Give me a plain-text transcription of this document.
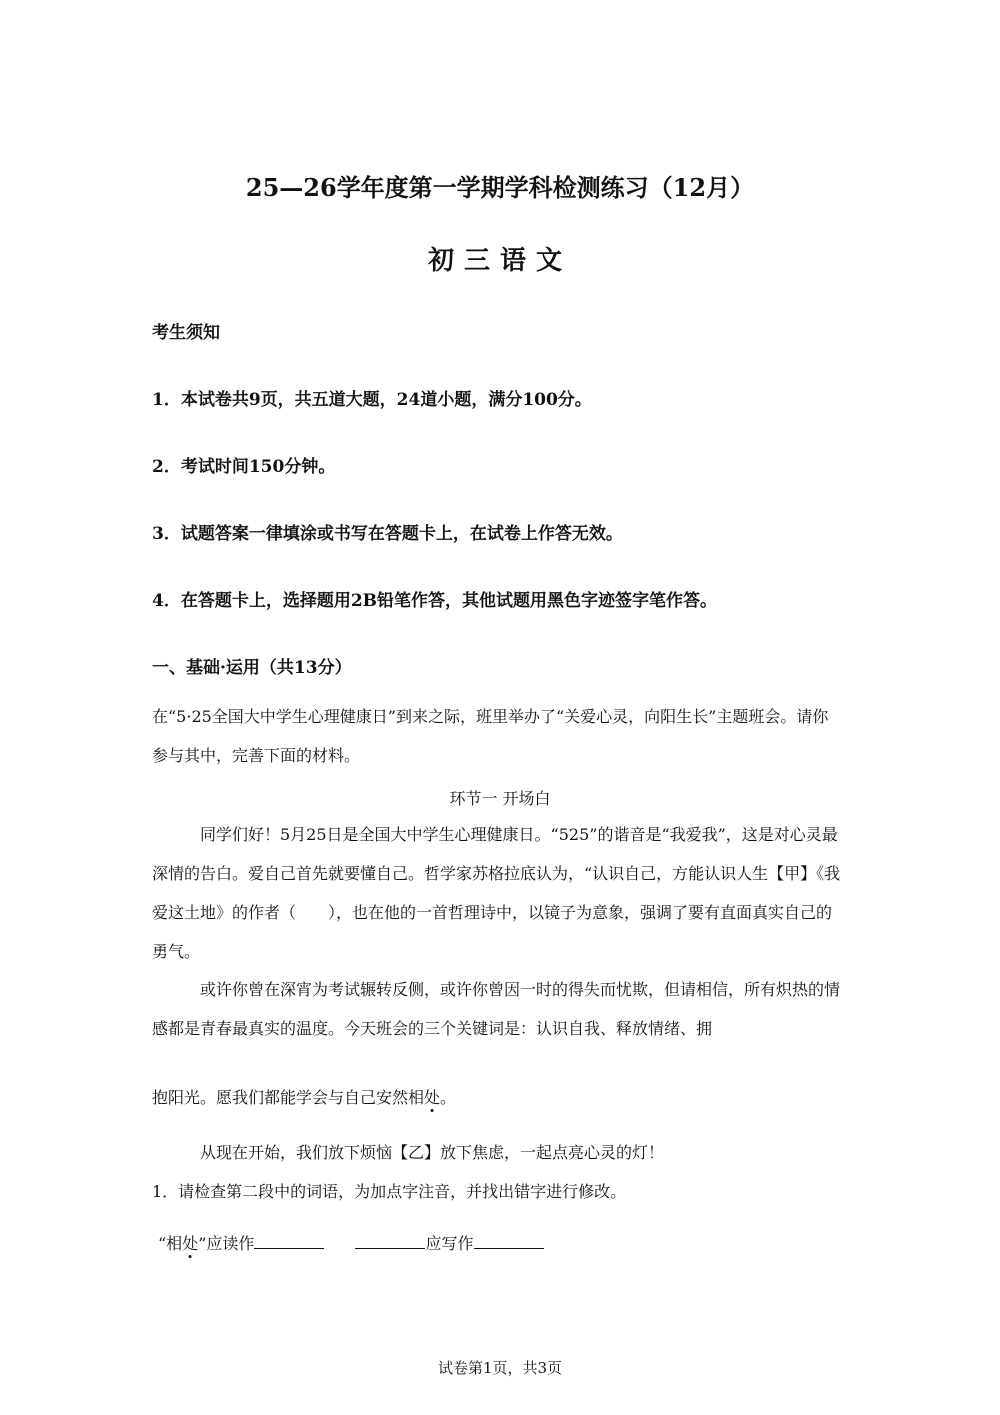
25—26学年度第一学期学科检测练习（12月）
初三语文
考生须知
1．本试卷共9页，共五道大题，24道小题，满分100分。
2．考试时间150分钟。
3．试题答案一律填涂或书写在答题卡上，在试卷上作答无效。
4．在答题卡上，选择题用2B铅笔作答，其他试题用黑色字迹签字笔作答。
一、基础·运用（共13分）
在“5·25全国大中学生心理健康日”到来之际，班里举办了“关爱心灵，向阳生长”主题班会。请你参与其中，完善下面的材料。
环节一 开场白
同学们好！5月25日是全国大中学生心理健康日。“525”的谐音是“我爱我”，这是对心灵最深情的告白。爱自己首先就要懂自己。哲学家苏格拉底认为，“认识自己，方能认识人生【甲】《我爱这土地》的作者（　　），也在他的一首哲理诗中，以镜子为意象，强调了要有直面真实自己的勇气。
或许你曾在深宵为考试辗转反侧，或许你曾因一时的得失而忧欺，但请相信，所有炽热的情感都是青春最真实的温度。今天班会的三个关键词是：认识自我、释放情绪、拥
抱阳光。愿我们都能学会与自己安然相处。
从现在开始，我们放下烦恼【乙】放下焦虑，一起点亮心灵的灯！
1．请检查第二段中的词语，为加点字注音，并找出错字进行修改。
“相处”应读作	应写作
试卷第1页，共3页
